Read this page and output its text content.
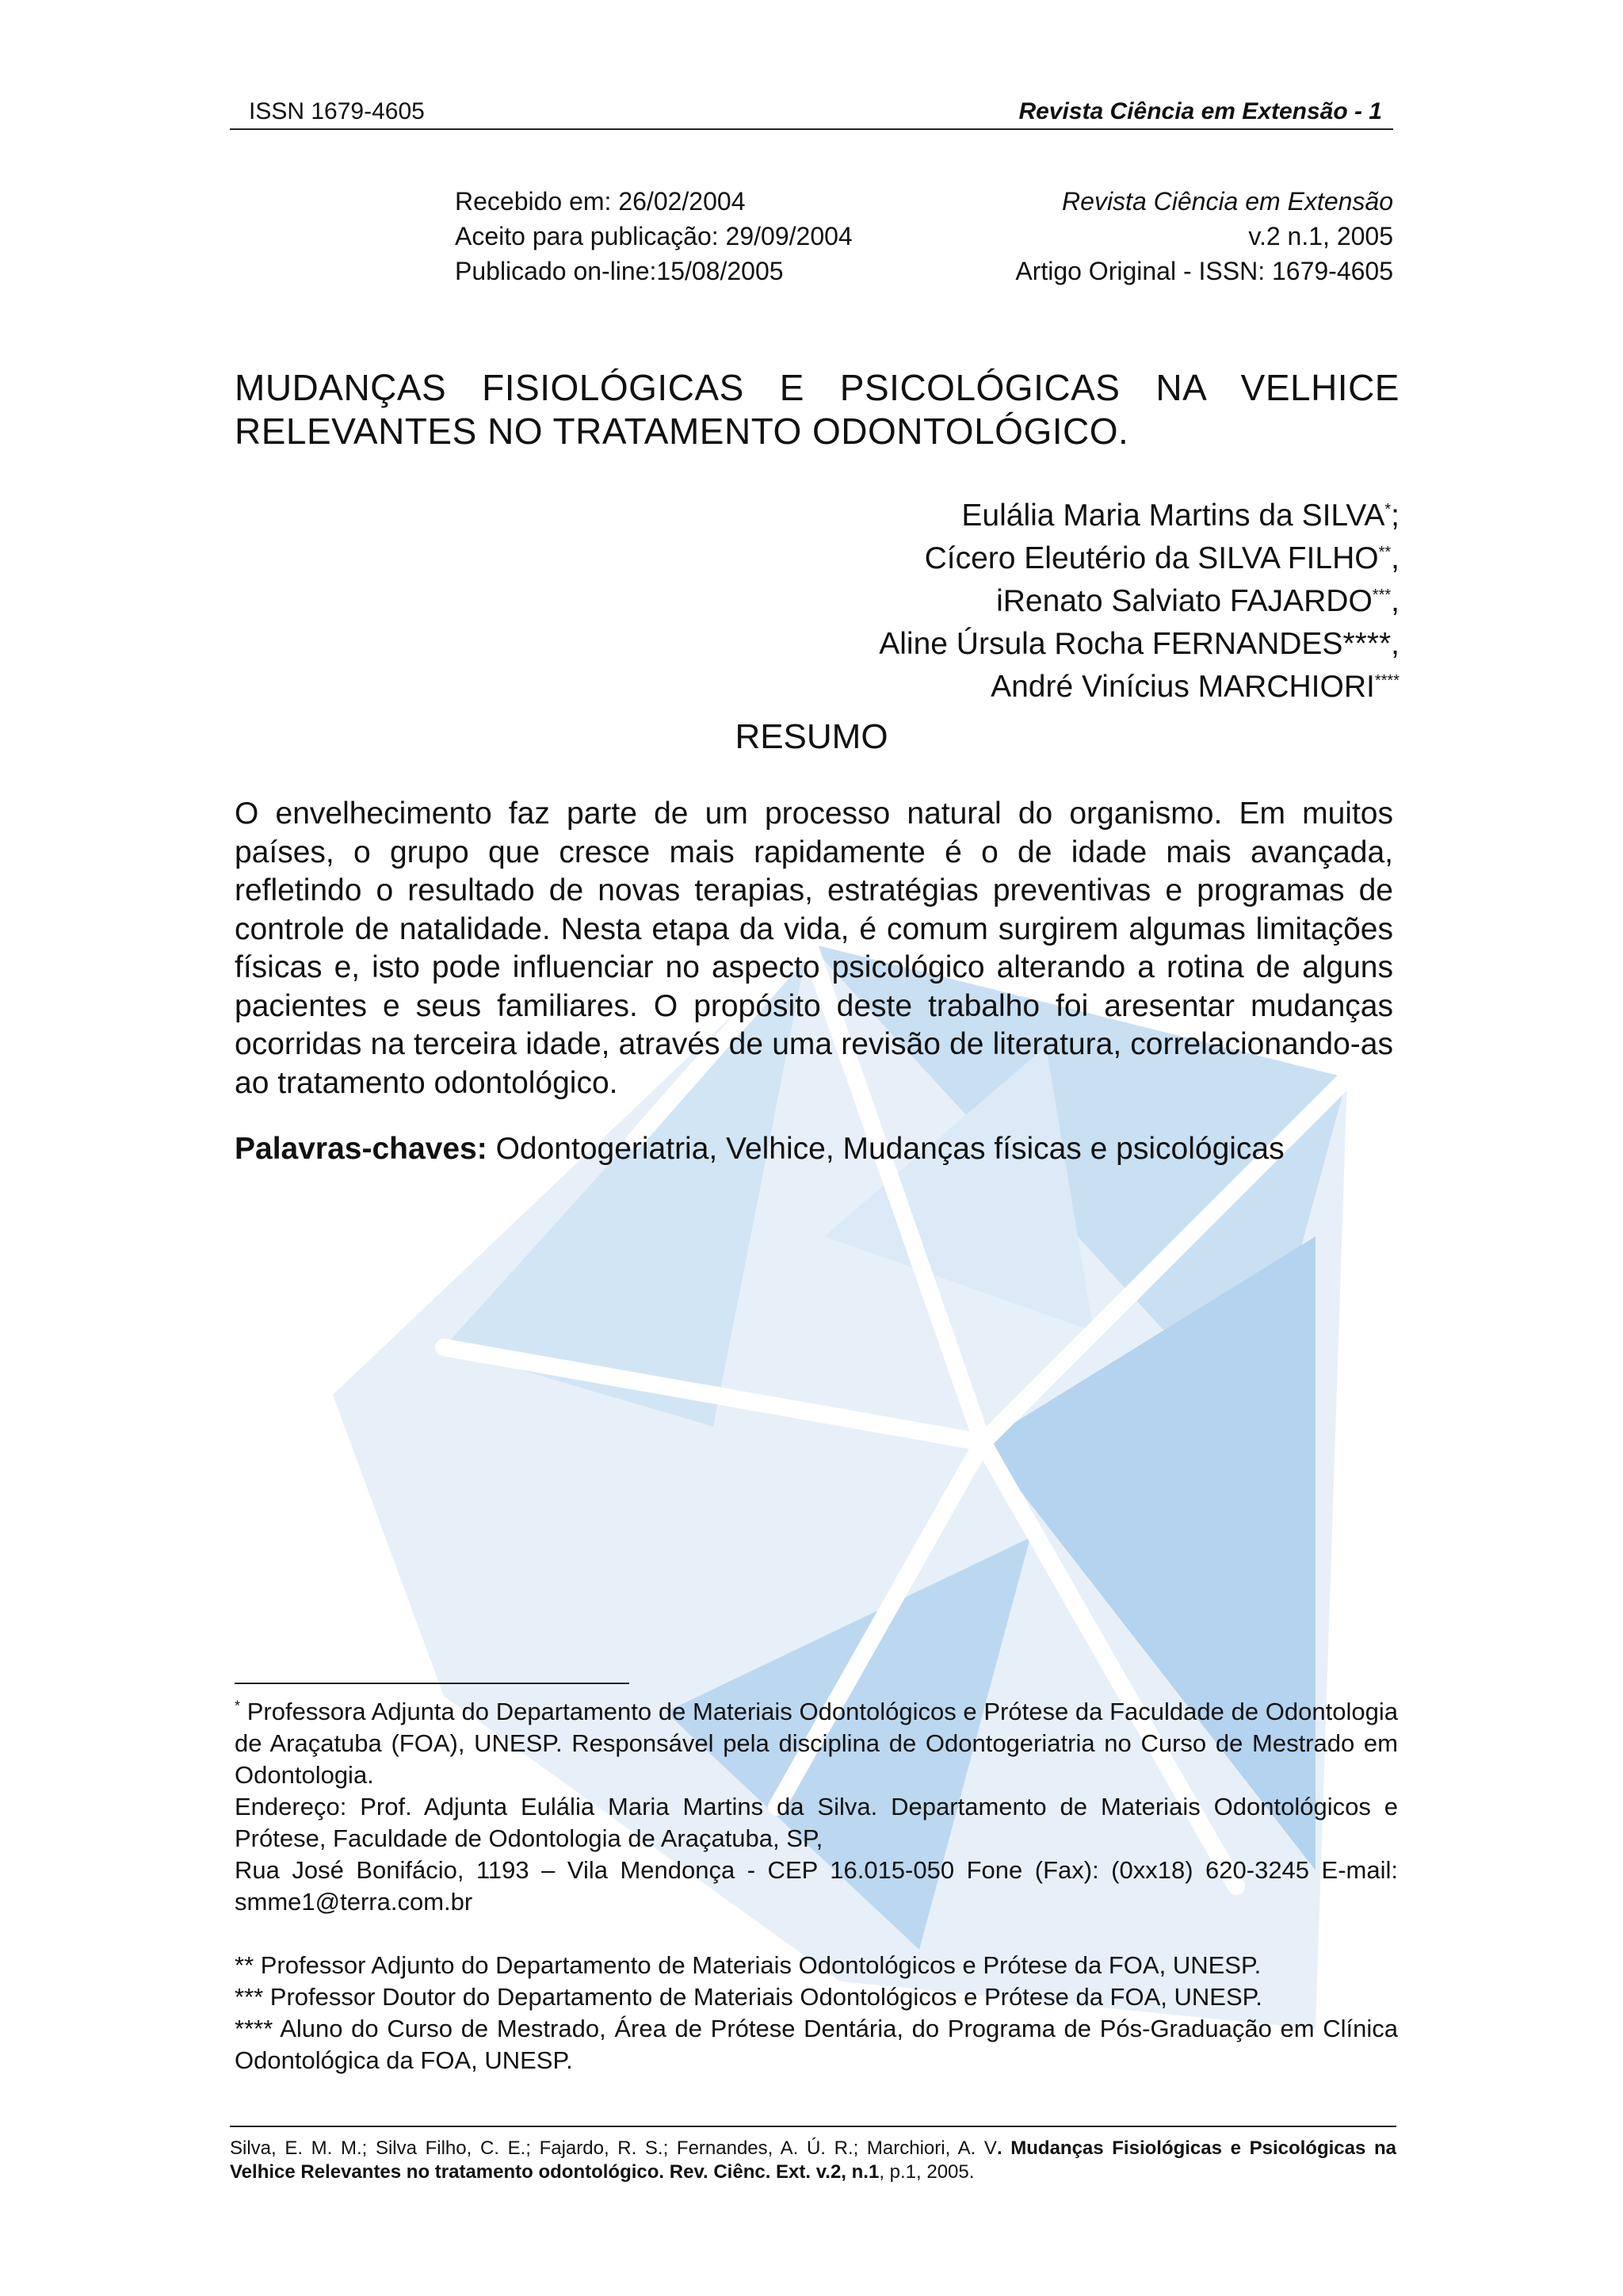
ISSN 1679-4605	Revista Ciência em Extensão - 1
Recebido em: 26/02/2004
Aceito para publicação: 29/09/2004
Publicado on-line:15/08/2005
Revista Ciência em Extensão
v.2 n.1, 2005
Artigo Original - ISSN: 1679-4605
MUDANÇAS FISIOLÓGICAS E PSICOLÓGICAS NA VELHICE
RELEVANTES NO TRATAMENTO ODONTOLÓGICO.
Eulália Maria Martins da SILVA*;
Cícero Eleutério da SILVA FILHO**,
iRenato Salviato FAJARDO***,
Aline Úrsula Rocha FERNANDES****,
André Vinícius MARCHIORI****
RESUMO

O envelhecimento faz parte de um processo natural do organismo. Em muitos países, o grupo que cresce mais rapidamente é o de idade mais avançada, refletindo o resultado de novas terapias, estratégias preventivas e programas de controle de natalidade. Nesta etapa da vida, é comum surgirem algumas limitações físicas e, isto pode influenciar no aspecto psicológico alterando a rotina de alguns pacientes e seus familiares. O propósito deste trabalho foi aresentar mudanças ocorridas na terceira idade, através de uma revisão de literatura, correlacionando-as ao tratamento odontológico.

Palavras-chaves: Odontogeriatria, Velhice, Mudanças físicas e psicológicas

* Professora Adjunta do Departamento de Materiais Odontológicos e Prótese da Faculdade de Odontologia de Araçatuba (FOA), UNESP. Responsável pela disciplina de Odontogeriatria no Curso de Mestrado em Odontologia.

Endereço: Prof. Adjunta Eulália Maria Martins da Silva. Departamento de Materiais Odontológicos e Prótese, Faculdade de Odontologia de Araçatuba, SP,

Rua José Bonifácio, 1193 – Vila Mendonça - CEP 16.015-050 Fone (Fax): (0xx18) 620-3245 E-mail: smme1@terra.com.br

** Professor Adjunto do Departamento de Materiais Odontológicos e Prótese da FOA, UNESP.

*** Professor Doutor do Departamento de Materiais Odontológicos e Prótese da FOA, UNESP.

**** Aluno do Curso de Mestrado, Área de Prótese Dentária, do Programa de Pós-Graduação em Clínica Odontológica da FOA, UNESP.

Silva, E. M. M.; Silva Filho, C. E.; Fajardo, R. S.; Fernandes, A. Ú. R.; Marchiori, A. V. Mudanças Fisiológicas e Psicológicas na Velhice Relevantes no tratamento odontológico. Rev. Ciênc. Ext. v.2, n.1, p.1, 2005.
